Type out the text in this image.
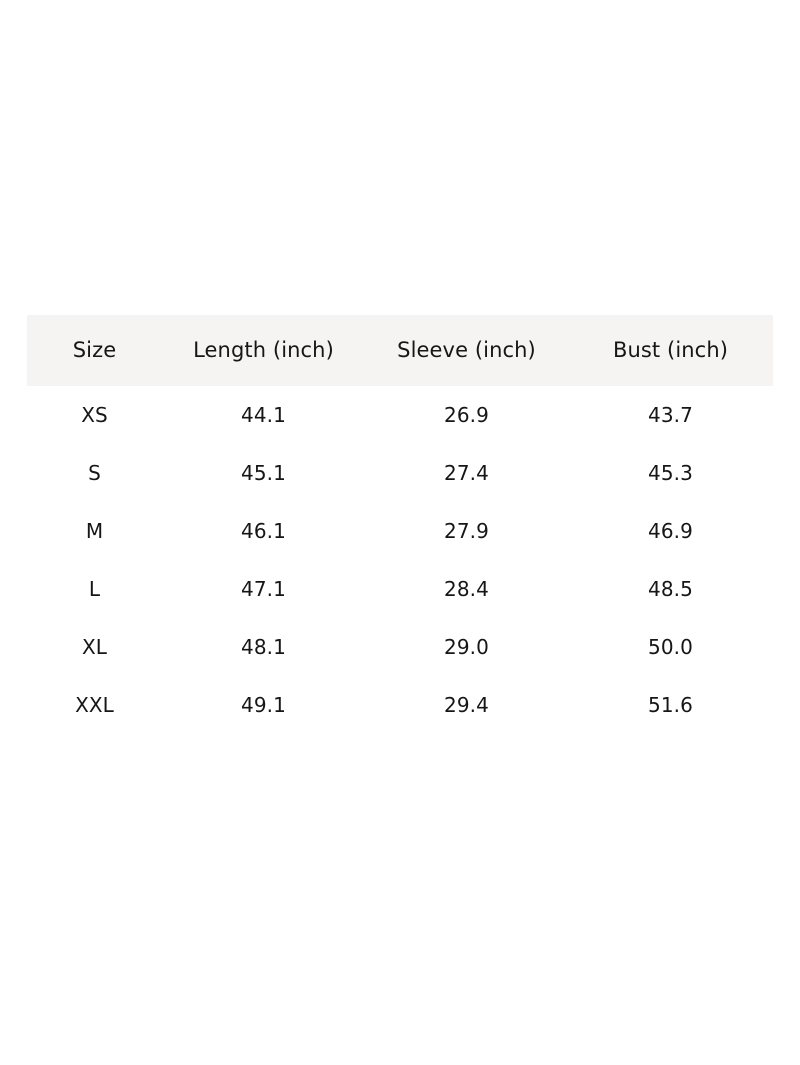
Size	Length (inch)	Sleeve (inch)	Bust (inch)
XS	44.1	26.9	43.7
S	45.1	27.4	45.3
M	46.1	27.9	46.9
L	47.1	28.4	48.5
XL	48.1	29.0	50.0
XXL	49.1	29.4	51.6
